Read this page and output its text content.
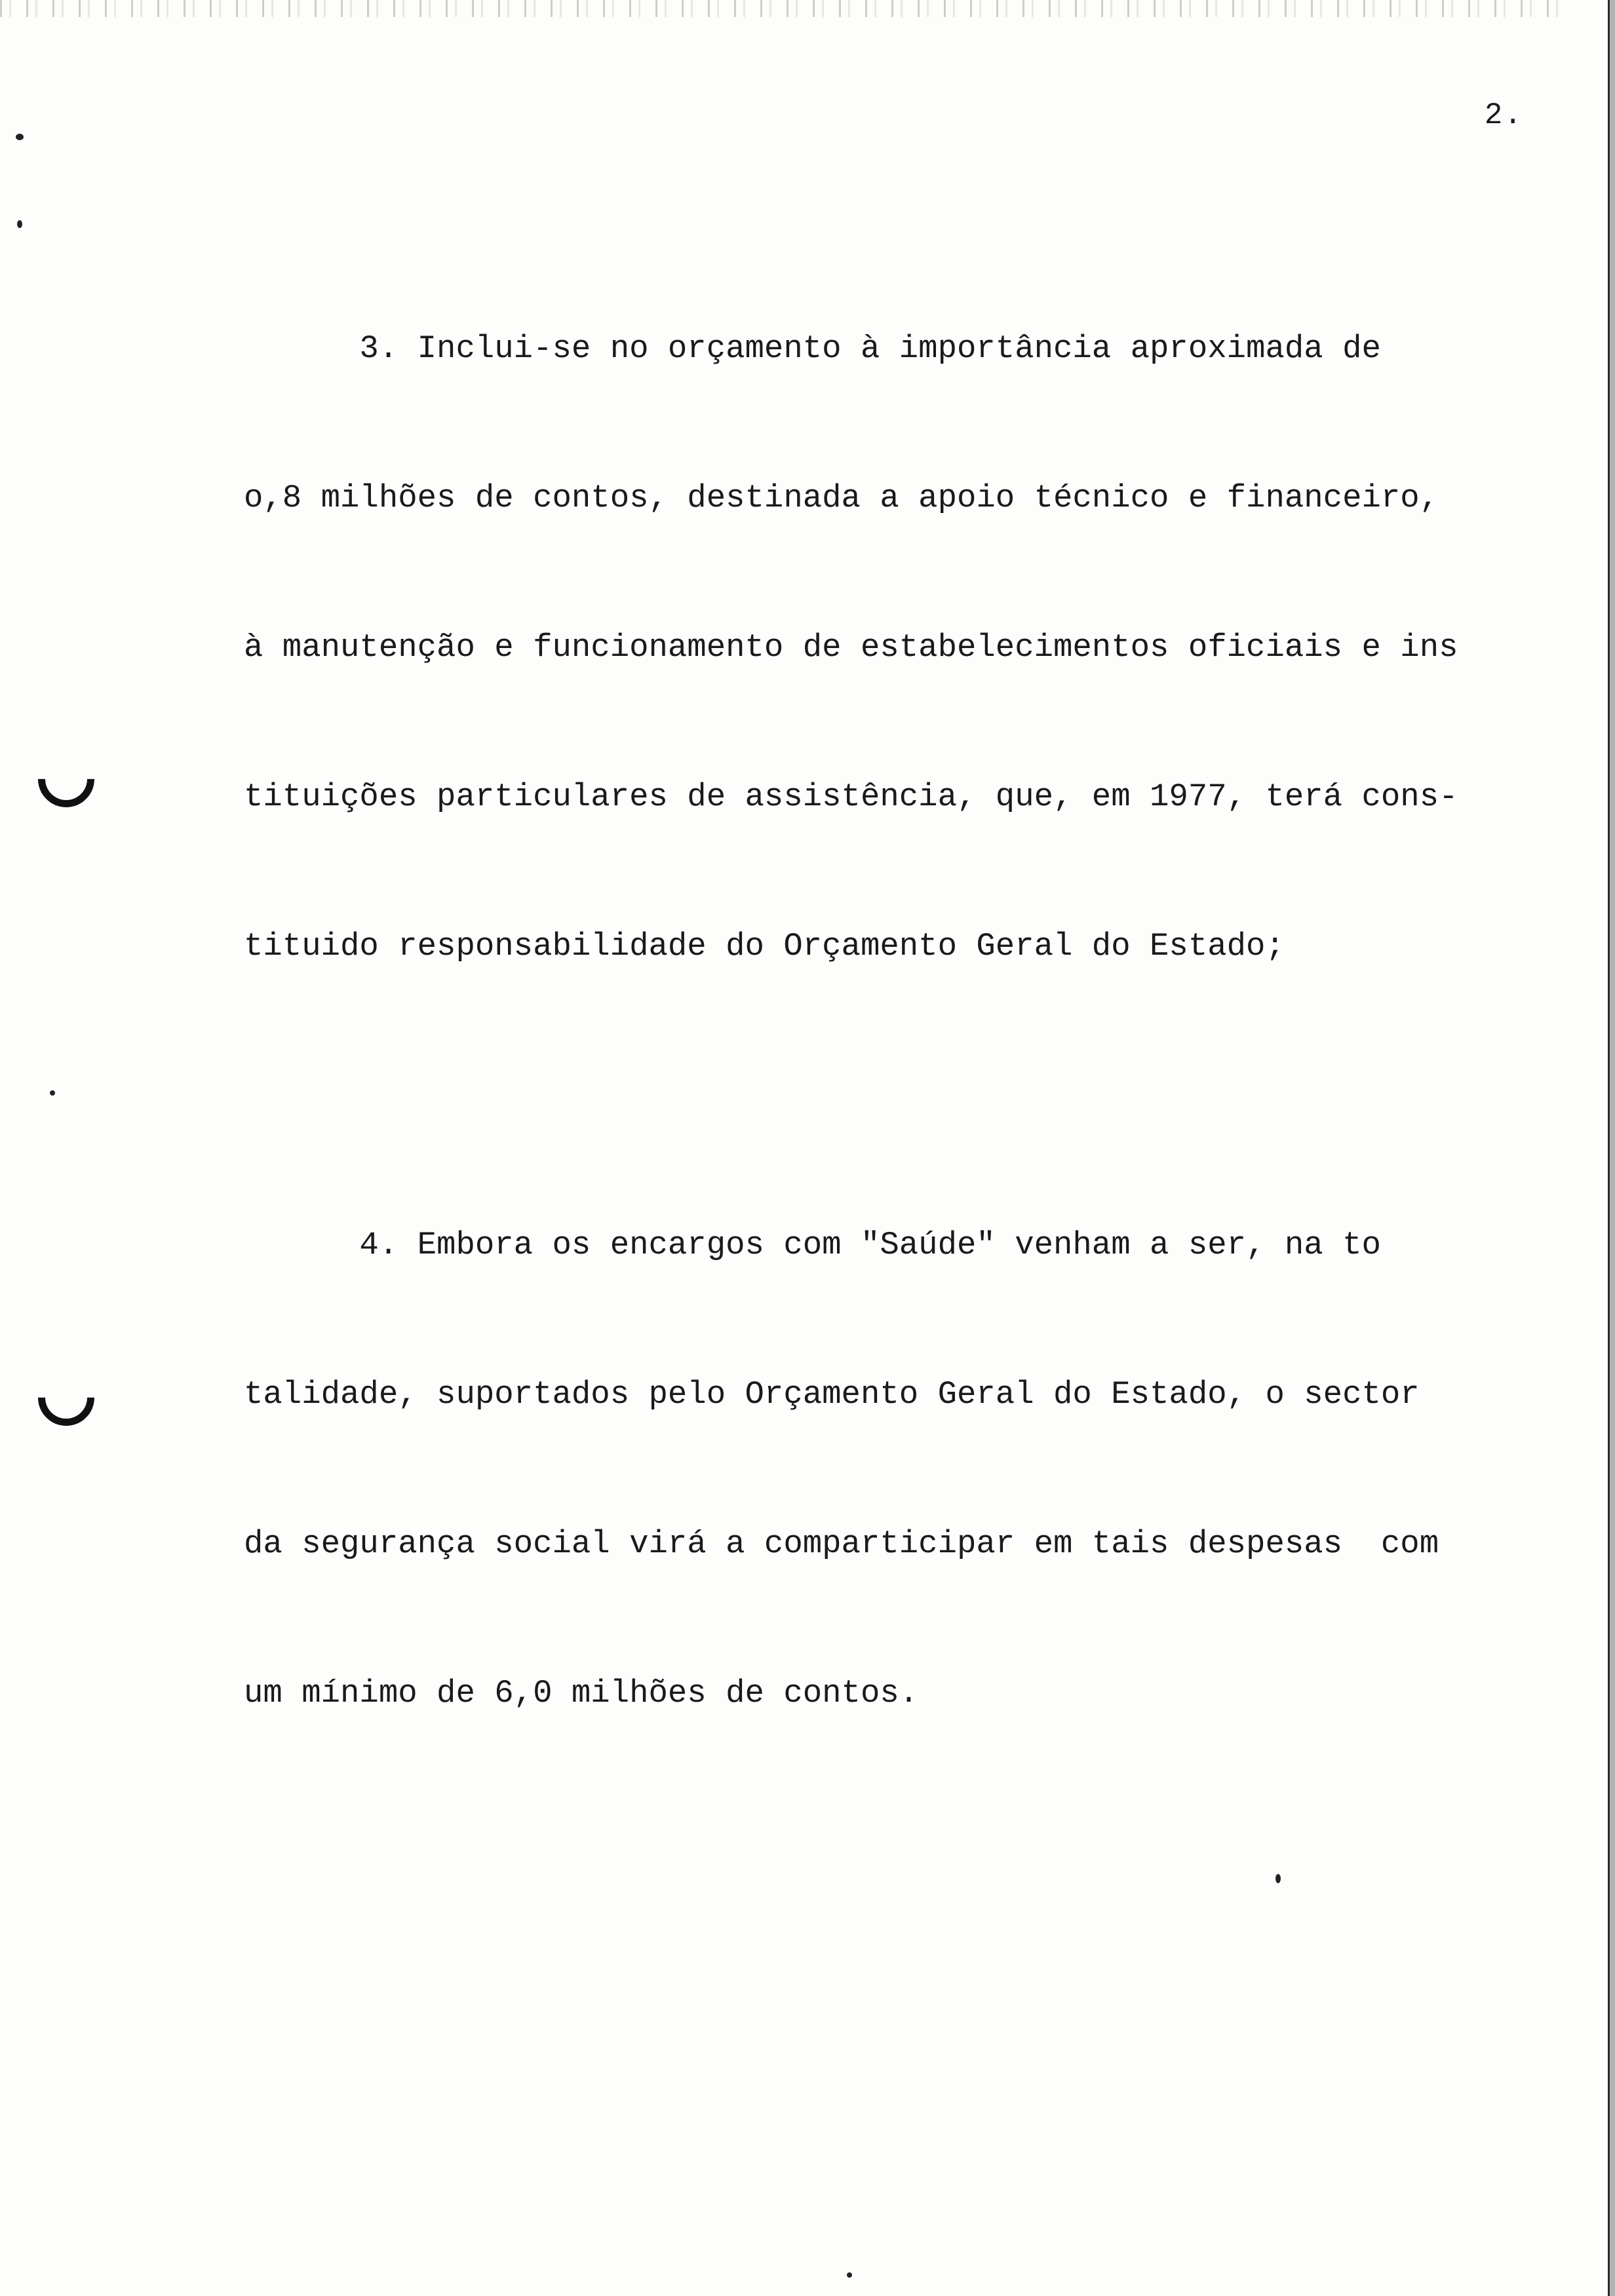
2.

3. Inclui-se no orçamento à importância aproximada de

o,8 milhões de contos, destinada a apoio técnico e financeiro,

à manutenção e funcionamento de estabelecimentos oficiais e ins

tituições particulares de assistência, que, em 1977, terá cons-

tituido responsabilidade do Orçamento Geral do Estado;

4. Embora os encargos com "Saúde" venham a ser, na to

talidade, suportados pelo Orçamento Geral do Estado, o sector

da segurança social virá a comparticipar em tais despesas  com

um mínimo de 6,0 milhões de contos.
